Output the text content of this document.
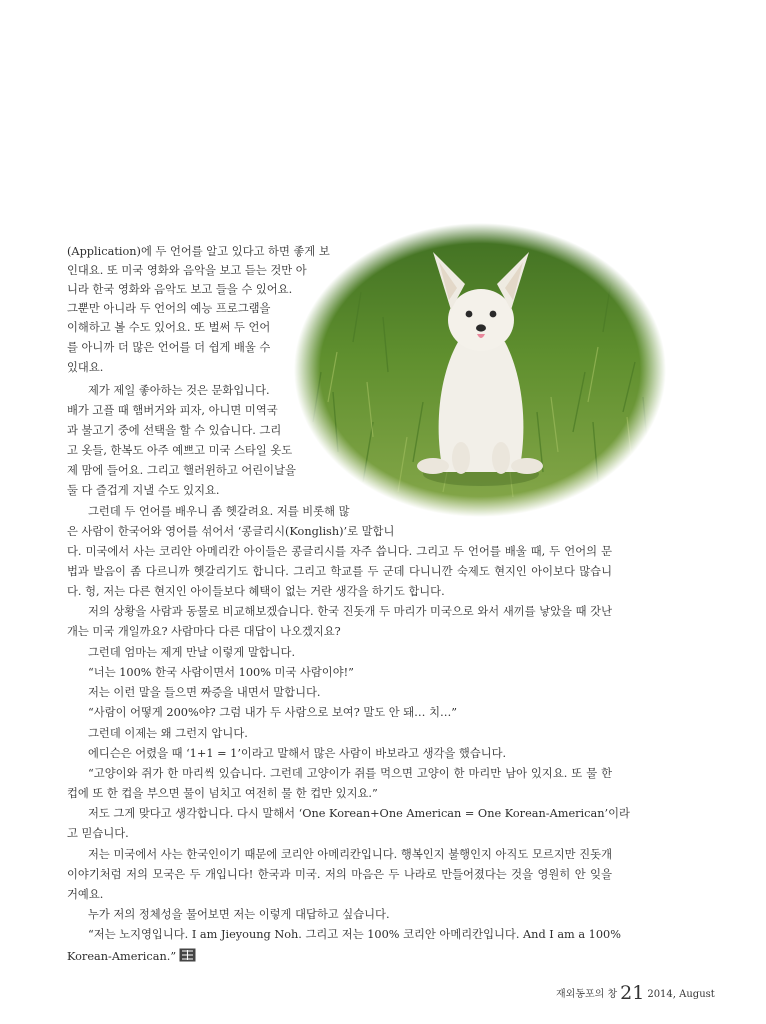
(Application)에 두 언어를 알고 있다고 하면 좋게 보
인대요. 또 미국 영화와 음악을 보고 듣는 것만 아
니라 한국 영화와 음악도 보고 들을 수 있어요.
그뿐만 아니라 두 언어의 예능 프로그램을
이해하고 볼 수도 있어요. 또 벌써 두 언어
를 아니까 더 많은 언어를 더 쉽게 배울 수
있대요.
제가 제일 좋아하는 것은 문화입니다.
배가 고플 때 햄버거와 피자, 아니면 미역국
과 불고기 중에 선택을 할 수 있습니다. 그리
고 옷들, 한복도 아주 예쁘고 미국 스타일 옷도
제 맘에 들어요. 그리고 핼러윈하고 어린이날을
둘 다 즐겁게 지낼 수도 있지요.
그런데 두 언어를 배우니 좀 헷갈려요. 저를 비롯해 많
은 사람이 한국어와 영어를 섞어서 ‘콩글리시(Konglish)’로 말합니
다. 미국에서 사는 코리안 아메리칸 아이들은 콩글리시를 자주 씁니다. 그리고 두 언어를 배울 때, 두 언어의 문
법과 발음이 좀 다르니까 헷갈리기도 합니다. 그리고 학교를 두 군데 다니니깐 숙제도 현지인 아이보다 많습니
다. 헝, 저는 다른 현지인 아이들보다 혜택이 없는 거란 생각을 하기도 합니다.
저의 상황을 사람과 동물로 비교해보겠습니다. 한국 진돗개 두 마리가 미국으로 와서 새끼를 낳았을 때 갓난
개는 미국 개일까요? 사람마다 다른 대답이 나오겠지요?
그런데 엄마는 제게 만날 이렇게 말합니다.
“너는 100% 한국 사람이면서 100% 미국 사람이야!”
저는 이런 말을 들으면 짜증을 내면서 말합니다.
“사람이 어떻게 200%야? 그럼 내가 두 사람으로 보여? 말도 안 돼… 치…”
그런데 이제는 왜 그런지 압니다.
에디슨은 어렸을 때 ‘1+1 = 1’이라고 말해서 많은 사람이 바보라고 생각을 했습니다.
“고양이와 쥐가 한 마리씩 있습니다. 그런데 고양이가 쥐를 먹으면 고양이 한 마리만 남아 있지요. 또 물 한
컵에 또 한 컵을 부으면 물이 넘치고 여전히 물 한 컵만 있지요.”
저도 그게 맞다고 생각합니다. 다시 말해서 ‘One Korean+One American = One Korean-American’이라
고 믿습니다.
저는 미국에서 사는 한국인이기 때문에 코리안 아메리칸입니다. 행복인지 불행인지 아직도 모르지만 진돗개
이야기처럼 저의 모국은 두 개입니다! 한국과 미국. 저의 마음은 두 나라로 만들어졌다는 것을 영원히 안 잊을
거예요.
누가 저의 정체성을 물어보면 저는 이렇게 대답하고 싶습니다.
“저는 노지영입니다. I am Jieyoung Noh. 그리고 저는 100% 코리안 아메리칸입니다. And I am a 100%
Korean-American.”
재외동포의 창 21 2014, August
